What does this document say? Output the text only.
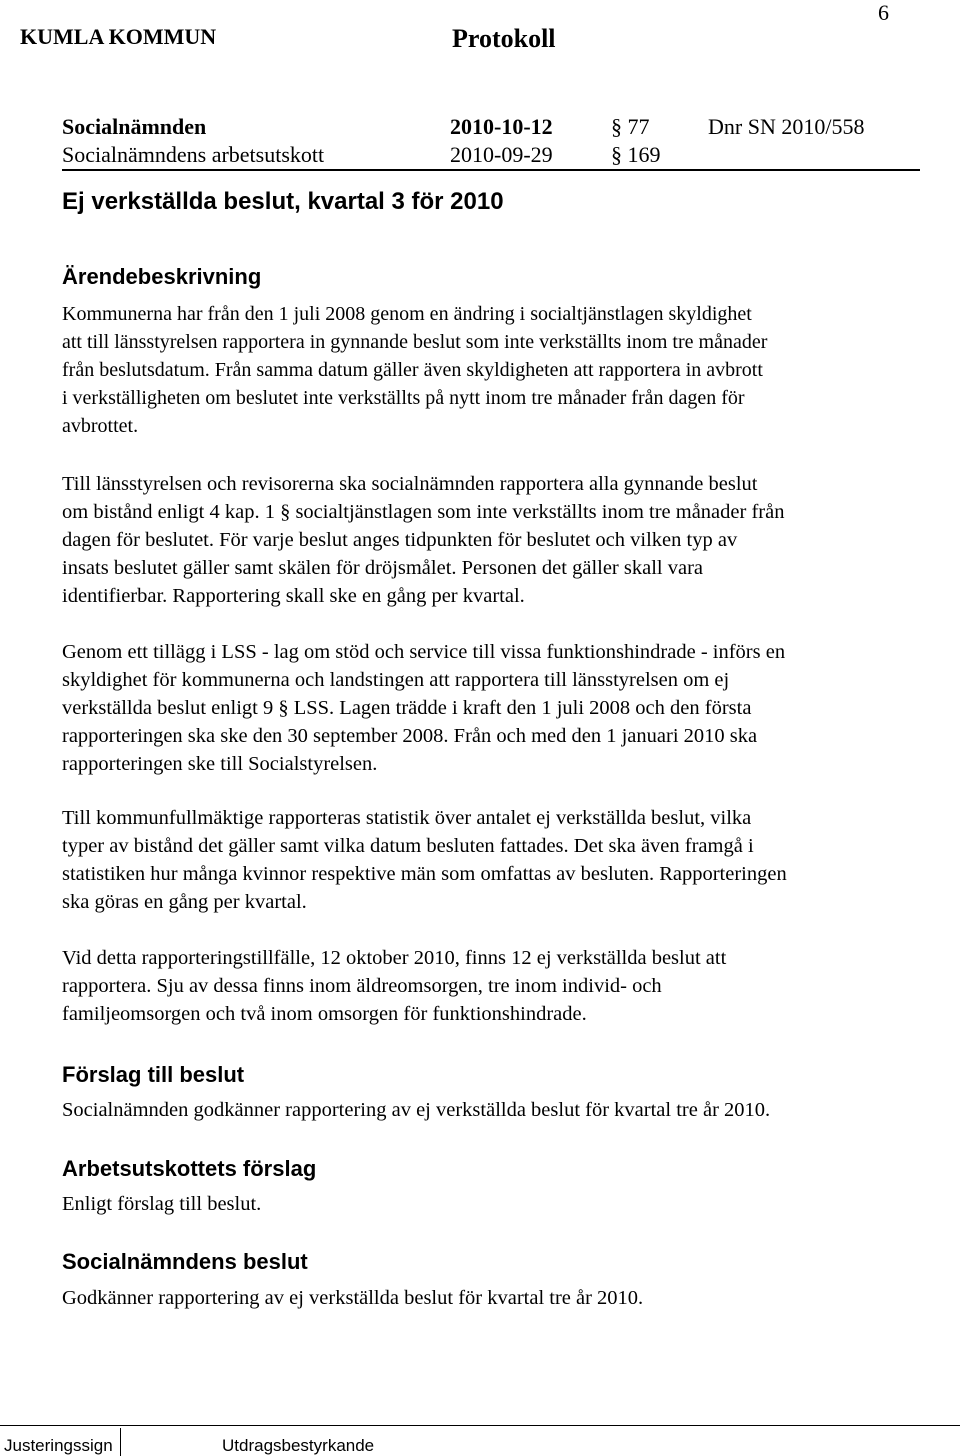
6
KUMLA KOMMUN	Protokoll
Socialnämnden	2010-10-12	§ 77	Dnr SN 2010/558
Socialnämndens arbetsutskott	2010-09-29	§ 169
Ej verkställda beslut, kvartal 3 för 2010
Ärendebeskrivning
Kommunerna har från den 1 juli 2008 genom en ändring i socialtjänstlagen skyldighet
att till länsstyrelsen rapportera in gynnande beslut som inte verkställts inom tre månader
från beslutsdatum. Från samma datum gäller även skyldigheten att rapportera in avbrott
i verkställigheten om beslutet inte verkställts på nytt inom tre månader från dagen för
avbrottet.
Till länsstyrelsen och revisorerna ska socialnämnden rapportera alla gynnande beslut
om bistånd enligt 4 kap. 1 § socialtjänstlagen som inte verkställts inom tre månader från
dagen för beslutet. För varje beslut anges tidpunkten för beslutet och vilken typ av
insats beslutet gäller samt skälen för dröjsmålet. Personen det gäller skall vara
identifierbar. Rapportering skall ske en gång per kvartal.
Genom ett tillägg i LSS - lag om stöd och service till vissa funktionshindrade - införs en
skyldighet för kommunerna och landstingen att rapportera till länsstyrelsen om ej
verkställda beslut enligt 9 § LSS. Lagen trädde i kraft den 1 juli 2008 och den första
rapporteringen ska ske den 30 september 2008. Från och med den 1 januari 2010 ska
rapporteringen ske till Socialstyrelsen.
Till kommunfullmäktige rapporteras statistik över antalet ej verkställda beslut, vilka
typer av bistånd det gäller samt vilka datum besluten fattades. Det ska även framgå i
statistiken hur många kvinnor respektive män som omfattas av besluten. Rapporteringen
ska göras en gång per kvartal.
Vid detta rapporteringstillfälle, 12 oktober 2010, finns 12 ej verkställda beslut att
rapportera. Sju av dessa finns inom äldreomsorgen, tre inom individ- och
familjeomsorgen och två inom omsorgen för funktionshindrade.
Förslag till beslut
Socialnämnden godkänner rapportering av ej verkställda beslut för kvartal tre år 2010.
Arbetsutskottets förslag
Enligt förslag till beslut.
Socialnämndens beslut
Godkänner rapportering av ej verkställda beslut för kvartal tre år 2010.
Justeringssign	Utdragsbestyrkande
